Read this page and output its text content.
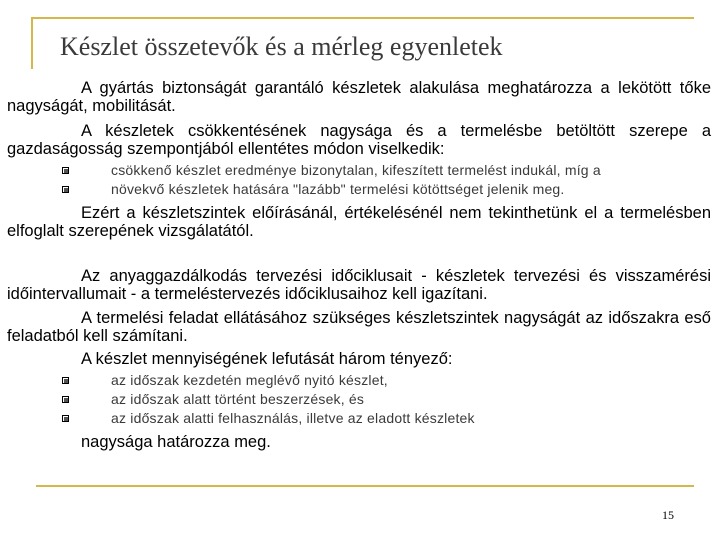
Készlet összetevők és a mérleg egyenletek
A gyártás biztonságát garantáló készletek alakulása meghatározza a lekötött tőke nagyságát, mobilitását.
A készletek csökkentésének nagysága és a termelésbe betöltött szerepe a gazdaságosság szempontjából ellentétes módon viselkedik:
csökkenő készlet eredménye bizonytalan, kifeszített termelést indukál, míg a
növekvő készletek hatására "lazább" termelési kötöttséget jelenik meg.
Ezért a készletszintek előírásánál, értékelésénél nem tekinthetünk el a termelésben elfoglalt szerepének vizsgálatától.
Az anyaggazdálkodás tervezési időciklusait - készletek tervezési és visszamérési időintervallumait - a termeléstervezés időciklusaihoz kell igazítani.
A termelési feladat ellátásához szükséges készletszintek nagyságát az időszakra eső feladatból kell számítani.
A készlet mennyiségének lefutását három tényező:
az időszak kezdetén meglévő nyitó készlet,
az időszak alatt történt beszerzések, és
az időszak alatti felhasználás, illetve az eladott készletek
nagysága határozza meg.
15
